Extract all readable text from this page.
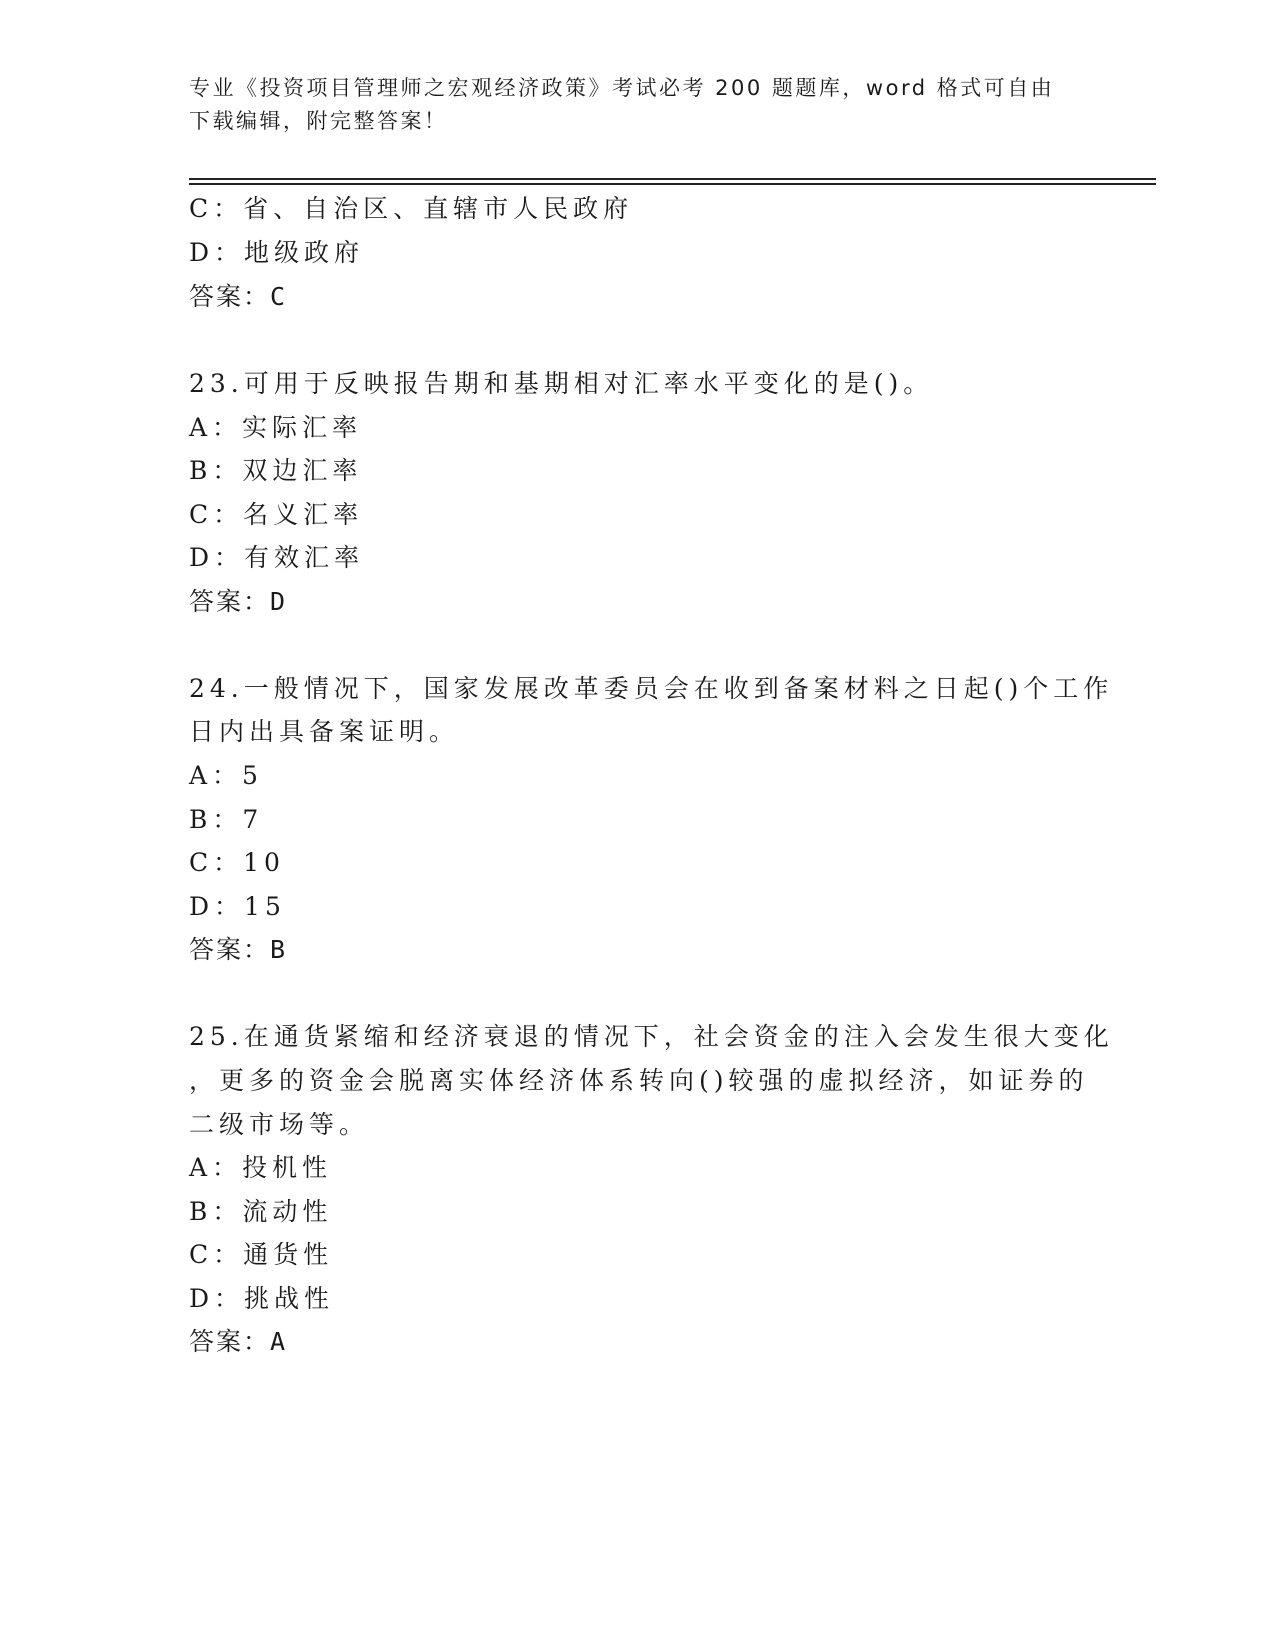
专业《投资项目管理师之宏观经济政策》考试必考 200 题题库，word 格式可自由
下载编辑，附完整答案！
C：省、自治区、直辖市人民政府
D：地级政府
答案：C
23.可用于反映报告期和基期相对汇率水平变化的是()。
A：实际汇率
B：双边汇率
C：名义汇率
D：有效汇率
答案：D
24.一般情况下，国家发展改革委员会在收到备案材料之日起()个工作
日内出具备案证明。
A：5
B：7
C：10
D：15
答案：B
25.在通货紧缩和经济衰退的情况下，社会资金的注入会发生很大变化
，更多的资金会脱离实体经济体系转向()较强的虚拟经济，如证券的
二级市场等。
A：投机性
B：流动性
C：通货性
D：挑战性
答案：A
